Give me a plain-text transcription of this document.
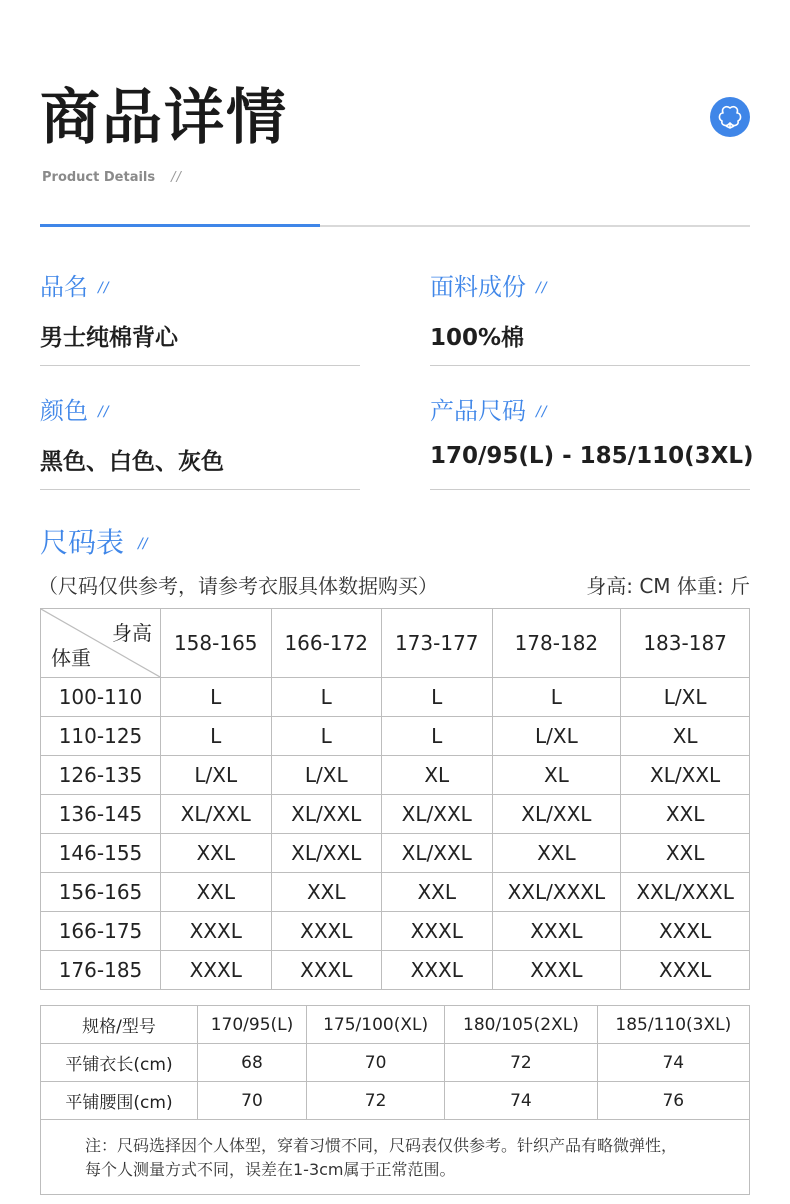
商品详情
Product Details //
品名 //
男士纯棉背心
面料成份 //
100%棉
颜色 //
黑色、白色、灰色
产品尺码 //
170/95(L) - 185/110(3XL)
尺码表 //
（尺码仅供参考，请参考衣服具体数据购买）	身高: CM 体重: 斤
身高
体重	158-165	166-172	173-177	178-182	183-187
100-110	L	L	L	L	L/XL
110-125	L	L	L	L/XL	XL
126-135	L/XL	L/XL	XL	XL	XL/XXL
136-145	XL/XXL	XL/XXL	XL/XXL	XL/XXL	XXL
146-155	XXL	XL/XXL	XL/XXL	XXL	XXL
156-165	XXL	XXL	XXL	XXL/XXXL	XXL/XXXL
166-175	XXXL	XXXL	XXXL	XXXL	XXXL
176-185	XXXL	XXXL	XXXL	XXXL	XXXL
规格/型号	170/95(L)	175/100(XL)	180/105(2XL)	185/110(3XL)
平铺衣长(cm)	68	70	72	74
平铺腰围(cm)	70	72	74	76
注：尺码选择因个人体型，穿着习惯不同，尺码表仅供参考。针织产品有略微弹性，
每个人测量方式不同，误差在1-3cm属于正常范围。
